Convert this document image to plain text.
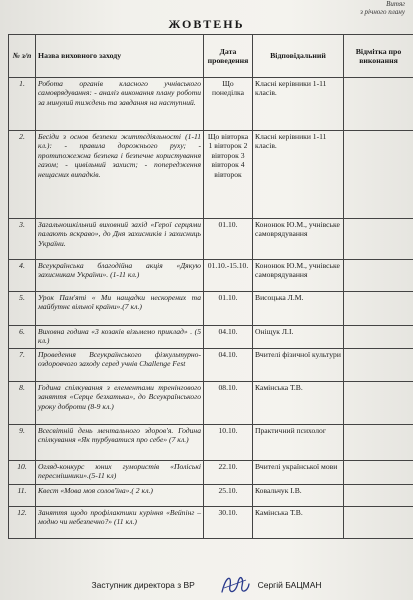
Витяг
з річного плану
ЖОВТЕНЬ
№ з/п	Назва виховного заходу	Дата проведення	Відповідальний	Відмітка про виконання
1.	Робота органів класного учнівського самоврядування: - аналіз виконання плану роботи за минулий тиждень та завдання на наступний.	Що понеділка	Класні керівники 1-11 класів.	
2.	Бесіди з основ безпеки життєдіяльності (1-11 кл.): - правила дорожнього руху; - протипожежна безпека і безпечне користування газом; - цивільний захист; - попередження нещасних випадків.	Що вівторка 1 вівторок 2 вівторок 3 вівторок 4 вівторок	Класні керівники 1-11 класів.	
3.	Загальношкільний виховний захід «Герої серцями палають яскраво», до Дня захисників і захисниць України.	01.10.	Кононюк Ю.М., учнівське самоврядування	
4.	Всеукраїнська благодійна акція «Дякую захисникам України». (1-11 кл.)	01.10.-15.10.	Кононюк Ю.М., учнівське самоврядування	
5.	Урок Пам'яті « Ми нащадки нескорених та майбутнє вільної країни».(7 кл.)	01.10.	Висоцька Л.М.	
6.	Виховна година «3 козаків візьмемо приклад» . (5 кл.)	04.10.	Оніщук Л.І.	
7.	Проведення Всеукраїнського фізкультурно-оздоровчого заходу серед учнів Challenge Fest	04.10.	Вчителі фізичної культури	
8.	Година спілкування з елементами тренінгового заняття «Серце безхатька», до Всеукраїнського уроку доброти (8-9 кл.)	08.10.	Камінська Т.В.	
9.	Всесвітній день ментального здоров'я. Година спілкування «Як турбуватися про себе» (7 кл.)	10.10.	Практичний психолог	
10.	Огляд-конкурс юних гумористів «Поліські пересмішники».(5-11 кл)	22.10.	Вчителі української мови	
11.	Квест «Мова моя солов'їна».( 2 кл.)	25.10.	Ковальчук І.В.	
12.	Заняття щодо профілактики куріння «Вейпінг – модно чи небезпечно?» (11 кл.)	30.10.	Камінська Т.В.	
Заступник директора з ВР	Сергій БАЦМАН
